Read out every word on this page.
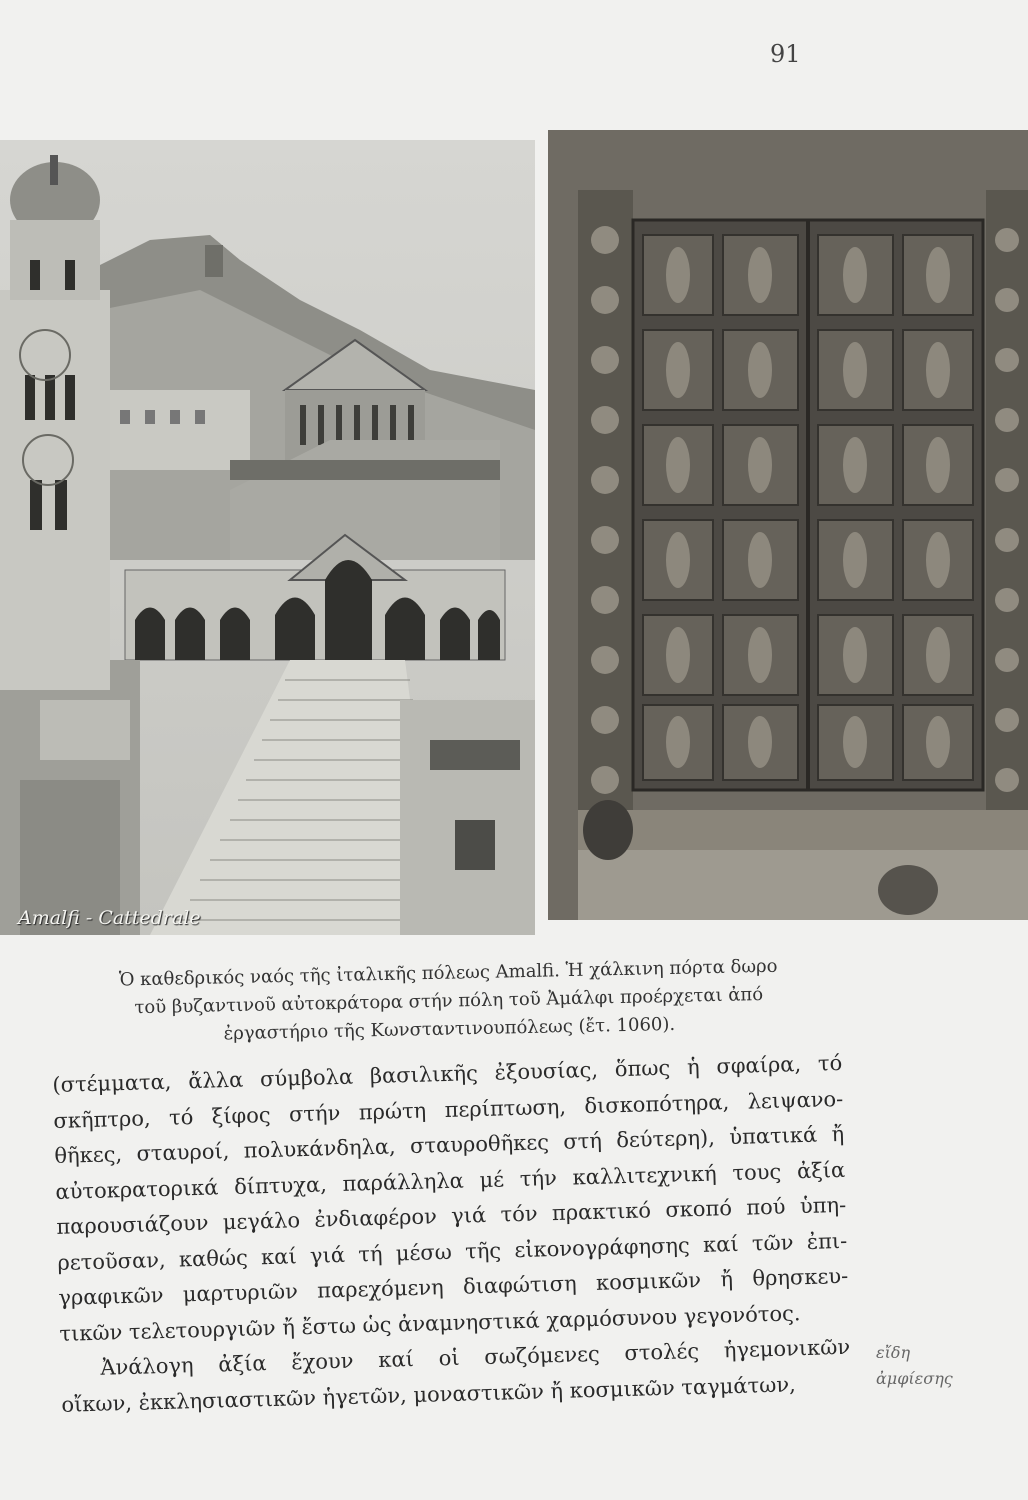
91
Amalfi - Cattedrale
Ὁ καθεδρικός ναός τῆς ἰταλικῆς πόλεως Amalfi. Ἡ χάλκινη πόρτα δωρο
τοῦ βυζαντινοῦ αὐτοκράτορα στήν πόλη τοῦ Ἀμάλφι προέρχεται ἀπό
ἐργαστήριο τῆς Κωνσταντινουπόλεως (ἔτ. 1060).

(στέμματα, ἄλλα σύμβολα βασιλικῆς ἐξουσίας, ὅπως ἡ σφαίρα, τό

σκῆπτρο, τό ξίφος στήν πρώτη περίπτωση, δισκοπότηρα, λειψανο-

θῆκες, σταυροί, πολυκάνδηλα, σταυροθῆκες στή δεύτερη), ὑπατικά ἤ

αὐτοκρατορικά δίπτυχα, παράλληλα μέ τήν καλλιτεχνική τους ἀξία

παρουσιάζουν μεγάλο ἐνδιαφέρον γιά τόν πρακτικό σκοπό πού ὑπη-

ρετοῦσαν, καθώς καί γιά τή μέσω τῆς εἰκονογράφησης καί τῶν ἐπι-

γραφικῶν μαρτυριῶν παρεχόμενη διαφώτιση κοσμικῶν ἤ θρησκευ-

τικῶν τελετουργιῶν ἤ ἔστω ὡς ἀναμνηστικά χαρμόσυνου γεγονότος.

Ἀνάλογη ἀξία ἔχουν καί οἱ σωζόμενες στολές ἡγεμονικῶν

οἴκων, ἐκκλησιαστικῶν ἡγετῶν, μοναστικῶν ἤ κοσμικῶν ταγμάτων,

εἴδη
ἀμφίεσης
